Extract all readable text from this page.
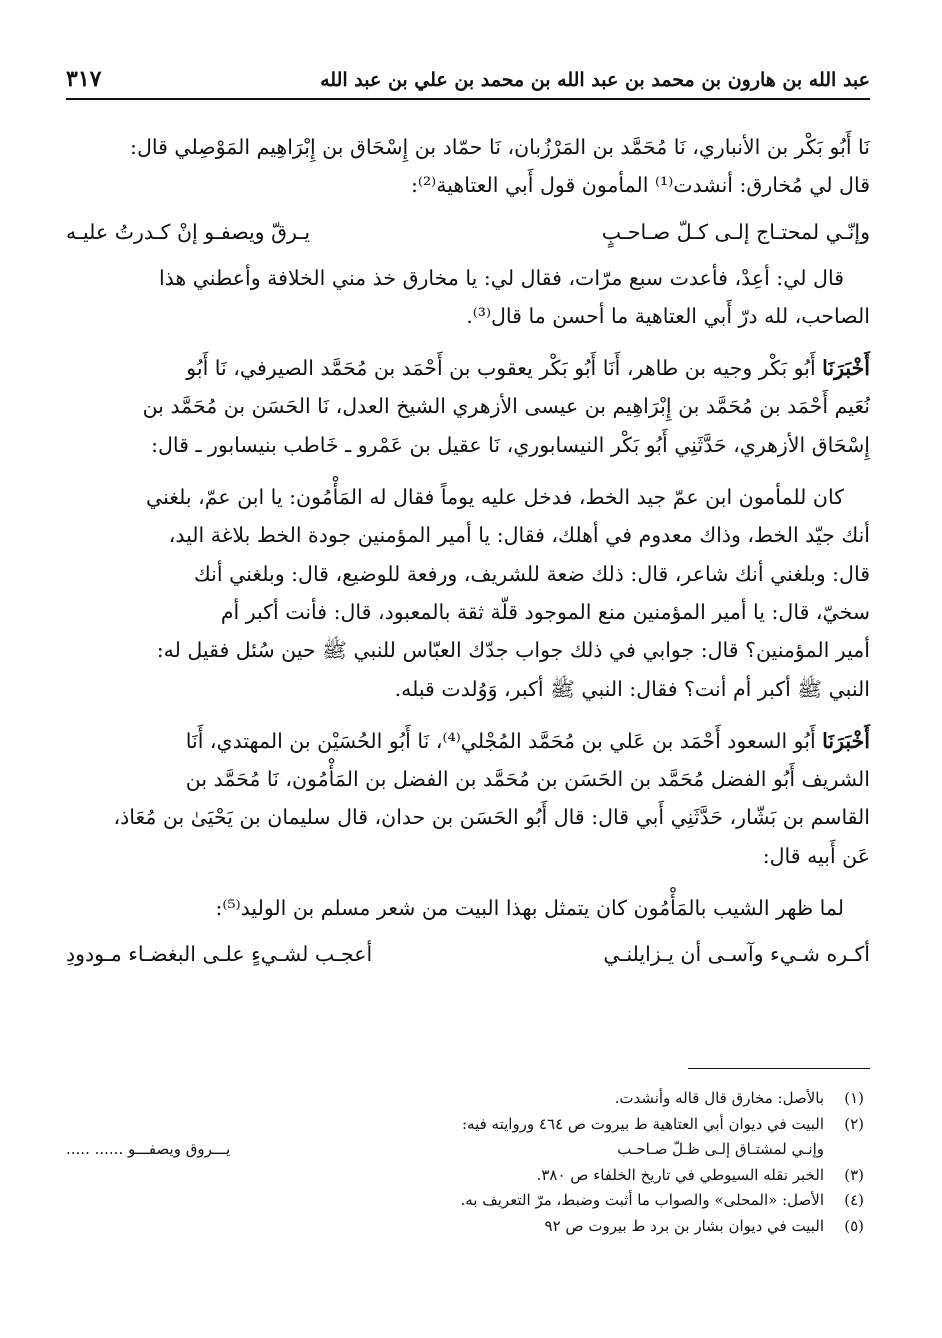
عبد الله بن هارون بن محمد بن عبد الله بن محمد بن علي بن عبد الله
٣١٧

نَا أَبُو بَكْر بن الأنباري، نَا مُحَمَّد بن المَرْزُبان، نَا حمّاد بن إِسْحَاق بن إِبْرَاهِيم المَوْصِلي قال:

قال لي مُخارق: أنشدت⁽¹⁾ المأمون قول أَبي العتاهية⁽²⁾:

وإنّـي لمحتـاج إلـى كـلّ صـاحـبٍ
يـرقّ ويصفـو إنْ كـدرتُ عليـه

قال لي: أعِدْ، فأعدت سبع مرّات، فقال لي: يا مخارق خذ مني الخلافة وأعطني هذا

الصاحب، لله درّ أَبي العتاهية ما أحسن ما قال⁽³⁾.

أَخْبَرَنَا أَبُو بَكْر وجيه بن طاهر، أَنَا أَبُو بَكْر يعقوب بن أَحْمَد بن مُحَمَّد الصيرفي، نَا أَبُو

نُعَيم أَحْمَد بن مُحَمَّد بن إِبْرَاهِيم بن عيسى الأزهري الشيخ العدل، نَا الحَسَن بن مُحَمَّد بن

إِسْحَاق الأزهري، حَدَّثَنِي أَبُو بَكْر النيسابوري، نَا عقيل بن عَمْرو ـ خَاطب بنيسابور ـ قال:

كان للمأمون ابن عمّ جيد الخط، فدخل عليه يوماً فقال له المَأْمُون: يا ابن عمّ، بلغني

أنك جيّد الخط، وذاك معدوم في أهلك، فقال: يا أمير المؤمنين جودة الخط بلاغة اليد،

قال: وبلغني أنك شاعر، قال: ذلك ضعة للشريف، ورفعة للوضيع، قال: وبلغني أنك

سخيّ، قال: يا أمير المؤمنين منع الموجود قلّة ثقة بالمعبود، قال: فأنت أكبر أم

أمير المؤمنين؟ قال: جوابي في ذلك جواب جدّك العبّاس للنبي ﷺ حين سُئل فقيل له:

النبي ﷺ أكبر أم أنت؟ فقال: النبي ﷺ أكبر، وَوُلدت قبله.

أَخْبَرَنَا أَبُو السعود أَحْمَد بن عَلي بن مُحَمَّد المُجْلي⁽⁴⁾، نَا أَبُو الحُسَيْن بن المهتدي، أَنَا

الشريف أَبُو الفضل مُحَمَّد بن الحَسَن بن مُحَمَّد بن الفضل بن المَأْمُون، نَا مُحَمَّد بن

القاسم بن بَشّار، حَدَّثَنِي أَبي قال: قال أَبُو الحَسَن بن حدان، قال سليمان بن يَحْيَىٰ بن مُعَاذ،

عَن أَبيه قال:

لما ظهر الشيب بالمَأْمُون كان يتمثل بهذا البيت من شعر مسلم بن الوليد⁽⁵⁾:

أكـره شـيء وآسـى أن يـزايلنـي
أعجـب لشـيءٍ علـى البغضـاء مـودودِ
(١)
بالأصل: مخارق قال قاله وأنشدت.
(٢)
البيت في ديوان أبي العتاهية ط بيروت ص ٤٦٤ وروايته فيه:
وإنـي لمشتـاق إلـى ظـلّ صـاحـب
يـــروق ويصفـــو ...... .....
(٣)
الخبر نقله السيوطي في تاريخ الخلفاء ص ٣٨٠.
(٤)
الأصل: «المحلى» والصواب ما أثبت وضبط، مرّ التعريف به.
(٥)
البيت في ديوان بشار بن برد ط بيروت ص ٩٢
